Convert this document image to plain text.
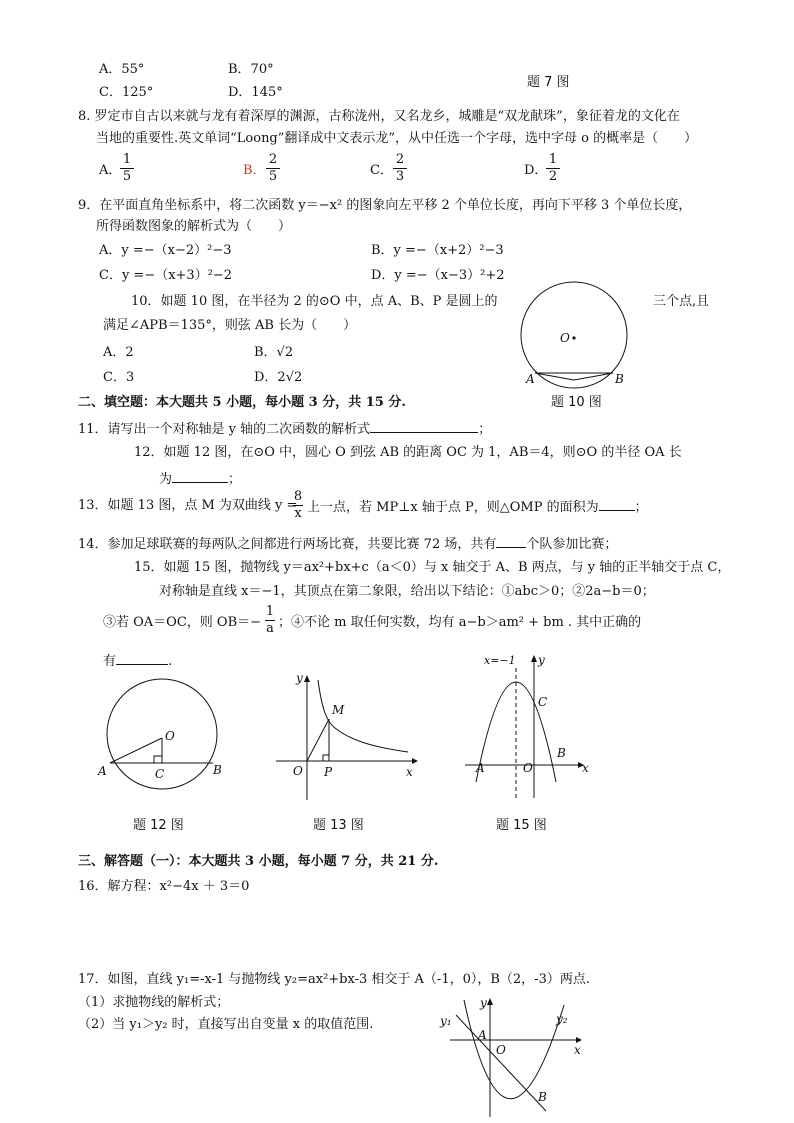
A．55°	B．70°
题 7 图
C．125°	D．145°
8. 罗定市自古以来就与龙有着深厚的渊源，古称泷州，又名龙乡，城雕是“双龙献珠”，象征着龙的文化在
当地的重要性.英文单词“Loong”翻译成中文表示龙”，从中任选一个字母，选中字母 o 的概率是（　　）
A．
1
5	B．
2
5	C．
2
3	D．
1
2
9．在平面直角坐标系中，将二次函数 y＝−x² 的图象向左平移 2 个单位长度，再向下平移 3 个单位长度，
所得函数图象的解析式为（　　）
A．y =−（x−2）²−3	B．y =−（x+2）²−3
C．y =−（x+3）²−2	D．y =−（x−3）²+2
10．如题 10 图，在半径为 2 的⊙O 中，点 A、B、P 是圆上的	三个点,且
满足∠APB＝135°，则弦 AB 长为（　　）
A．2	B．√2
C．3	D．2√2
O
A	B
题 10 图
二、填空题：本大题共 5 小题，每小题 3 分，共 15 分.
11．请写出一个对称轴是 y 轴的二次函数的解析式	；
12．如题 12 图，在⊙O 中，圆心 O 到弦 AB 的距离 OC 为 1，AB＝4，则⊙O 的半径 OA 长
为	；
13．如题 13 图，点 M 为双曲线 y =
8
x 上一点，若 MP⊥x 轴于点 P，则△OMP 的面积为	；
14．参加足球联赛的每两队之间都进行两场比赛，共要比赛 72 场，共有 个队参加比赛；
15．如题 15 图，抛物线 y＝ax²+bx+c（a＜0）与 x 轴交于 A、B 两点，与 y 轴的正半轴交于点 C，
对称轴是直线 x＝−1，其顶点在第二象限，给出以下结论：①abc＞0；②2a−b＝0；
③若 OA＝OC，则 OB＝−
1
a ；④不论 m 取任何实数，均有 a−b＞am² + bm . 其中正确的
有	.
O
A	B
C
题 12 图
y
M
O P	x
题 13 图
x=−1 y
C
B
A	O	x
题 15 图
三、解答题（一）：本大题共 3 小题，每小题 7 分，共 21 分.
16．解方程：x²−4x ＋ 3＝0
17．如图，直线 y₁=-x-1 与抛物线 y₂=ax²+bx-3 相交于 A（-1，0），B（2，-3）两点.
（1）求抛物线的解析式；
（2）当 y₁＞y₂ 时，直接写出自变量 x 的取值范围.
y
y₁	y₂
A
O	x
B
